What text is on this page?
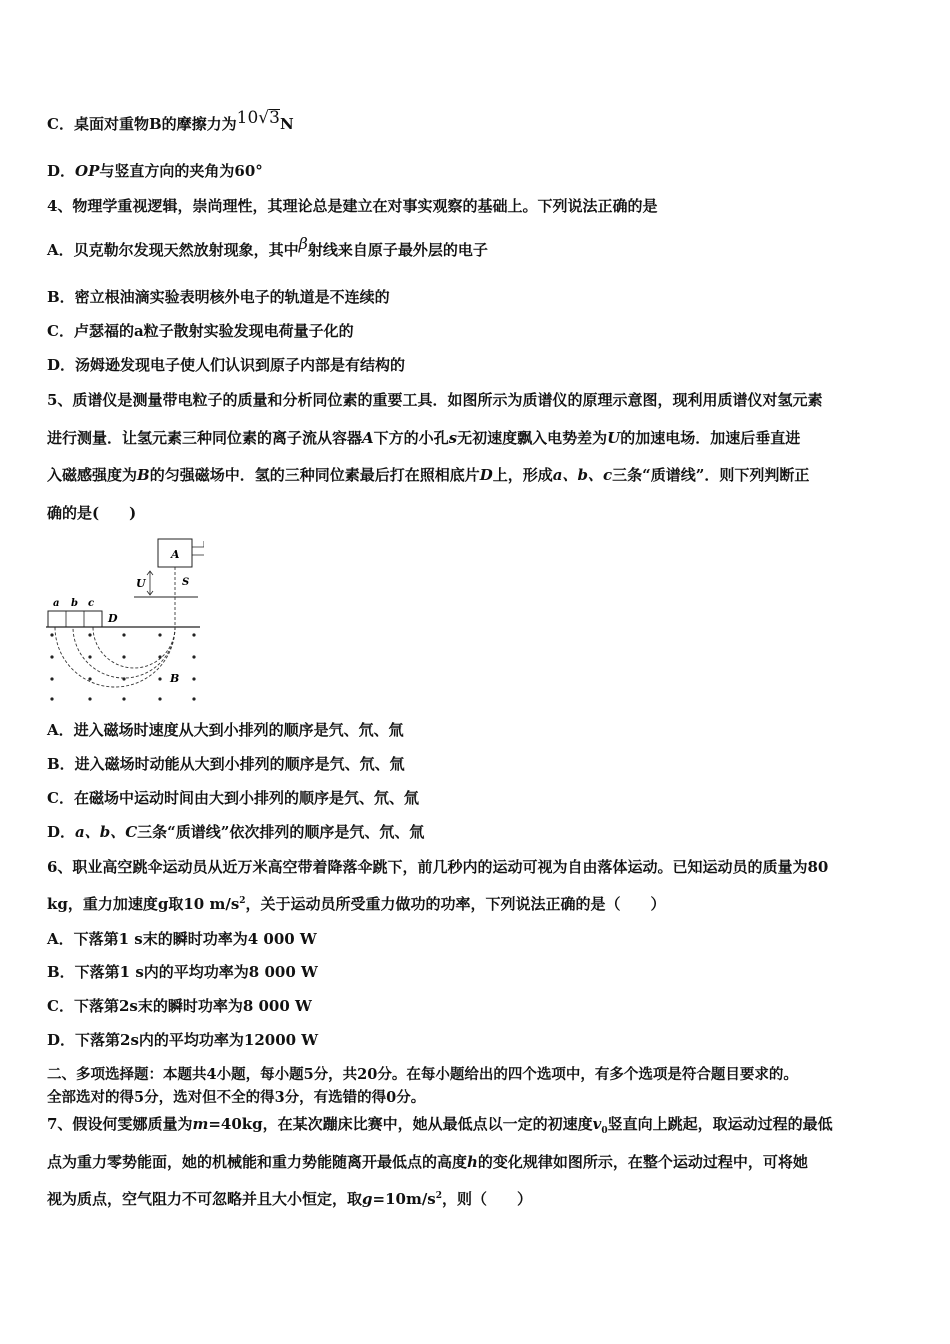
C．桌面对重物B的摩擦力为10√3N
D．OP与竖直方向的夹角为60°
4、物理学重视逻辑，崇尚理性，其理论总是建立在对事实观察的基础上。下列说法正确的是
A．贝克勒尔发现天然放射现象，其中β射线来自原子最外层的电子
B．密立根油滴实验表明核外电子的轨道是不连续的
C．卢瑟福的a粒子散射实验发现电荷量子化的
D．汤姆逊发现电子使人们认识到原子内部是有结构的
5、质谱仪是测量带电粒子的质量和分析同位素的重要工具．如图所示为质谱仪的原理示意图，现利用质谱仪对氢元素
进行测量．让氢元素三种同位素的离子流从容器A下方的小孔s无初速度飘入电势差为U的加速电场．加速后垂直进
入磁感强度为B的匀强磁场中．氢的三种同位素最后打在照相底片D上，形成a、b、c三条“质谱线”．则下列判断正
确的是(　　)
A
U	S
a b c
D
B
A．进入磁场时速度从大到小排列的顺序是氕、氘、氚
B．进入磁场时动能从大到小排列的顺序是氕、氘、氚
C．在磁场中运动时间由大到小排列的顺序是氕、氘、氚
D．a、b、C三条“质谱线”依次排列的顺序是氕、氘、氚
6、职业高空跳伞运动员从近万米高空带着降落伞跳下，前几秒内的运动可视为自由落体运动。已知运动员的质量为80
kg，重力加速度g取10 $m/s^2$，关于运动员所受重力做功的功率，下列说法正确的是（　　）
A．下落第1 s末的瞬时功率为4 000 W
B．下落第1 s内的平均功率为8 000 W
C．下落第2s末的瞬时功率为8 000 W
D．下落第2s内的平均功率为12000 W
二、多项选择题：本题共4小题，每小题5分，共20分。在每小题给出的四个选项中，有多个选项是符合题目要求的。
全部选对的得5分，选对但不全的得3分，有选错的得0分。
7、假设何雯娜质量为m=40kg，在某次蹦床比赛中，她从最低点以一定的初速度$v_0$竖直向上跳起，取运动过程的最低
点为重力零势能面，她的机械能和重力势能随离开最低点的高度h的变化规律如图所示，在整个运动过程中，可将她
视为质点，空气阻力不可忽略并且大小恒定，取$g=10m/s^2$，则（　　）
